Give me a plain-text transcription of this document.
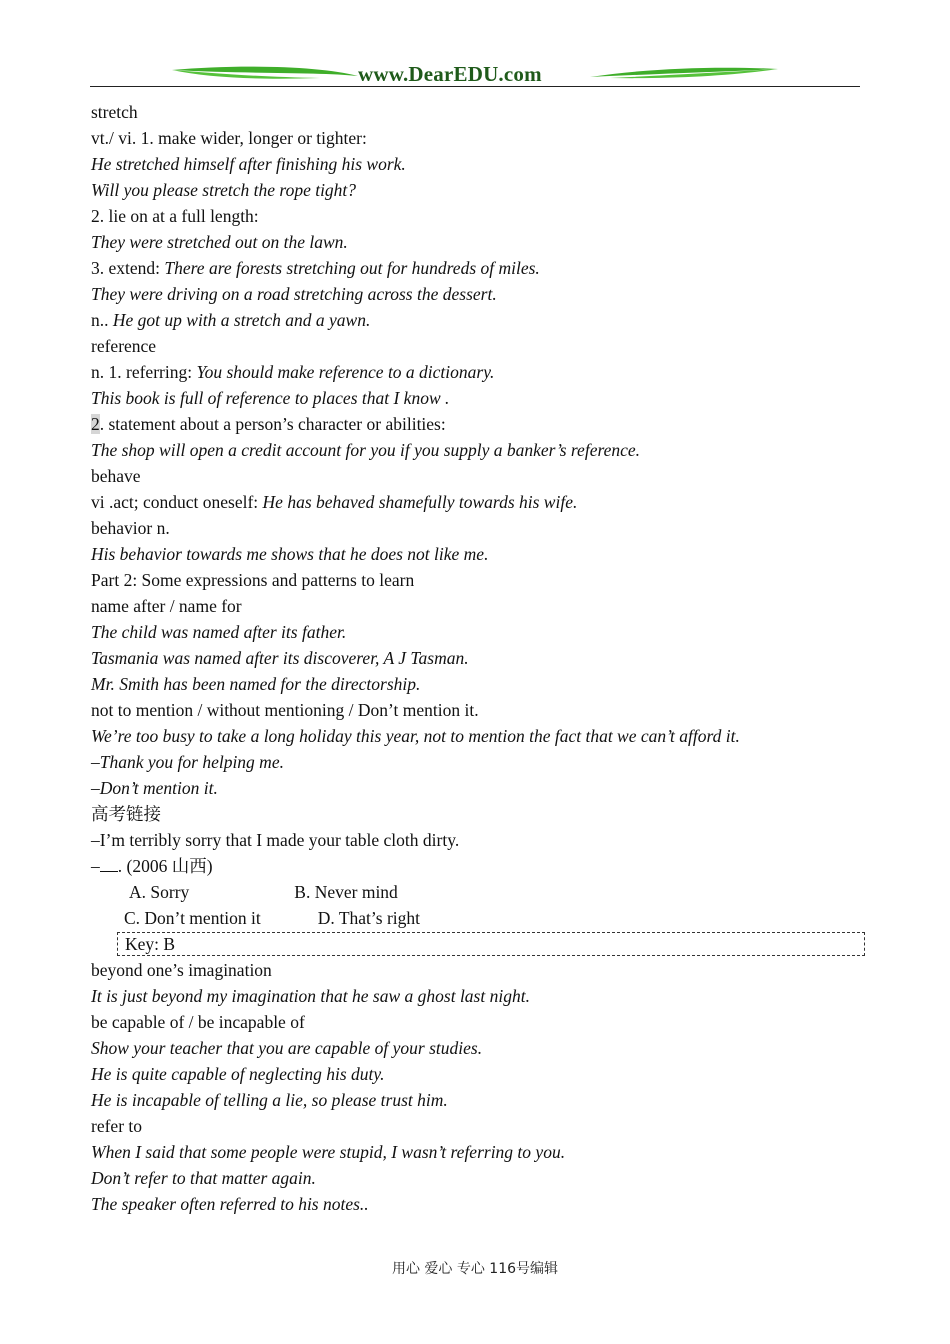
www.DearEDU.com
stretch
vt./ vi. 1. make wider, longer or tighter:
He stretched himself after finishing his work.
Will you please stretch the rope tight?
2. lie on at a full length:
They were stretched out on the lawn.
3. extend: There are forests stretching out for hundreds of miles.
They were driving on a road stretching across the dessert.
n.. He got up with a stretch and a yawn.
reference
n. 1. referring: You should make reference to a dictionary.
This book is full of reference to places that I know .
2. statement about a person’s character or abilities:
The shop will open a credit account for you if you supply a banker’s reference.
behave
vi .act; conduct oneself: He has behaved shamefully towards his wife.
behavior n.
His behavior towards me shows that he does not like me.
Part 2: Some expressions and patterns to learn
name after / name for
The child was named after its father.
Tasmania was named after its discoverer, A J Tasman.
Mr. Smith has been named for the directorship.
not to mention / without mentioning / Don’t mention it.
We’re too busy to take a long holiday this year, not to mention the fact that we can’t afford it.
–Thank you for helping me.
–Don’t mention it.
高考链接
–I’m terribly sorry that I made your table cloth dirty.
– . (2006 山西)
A. Sorry	B. Never mind
C. Don’t mention it	D. That’s right
Key: B
beyond one’s imagination
It is just beyond my imagination that he saw a ghost last night.
be capable of / be incapable of
Show your teacher that you are capable of your studies.
He is quite capable of neglecting his duty.
He is incapable of telling a lie, so please trust him.
refer to
When I said that some people were stupid, I wasn’t referring to you.
Don’t refer to that matter again.
The speaker often referred to his notes..
用心 爱心 专心 116号编辑
